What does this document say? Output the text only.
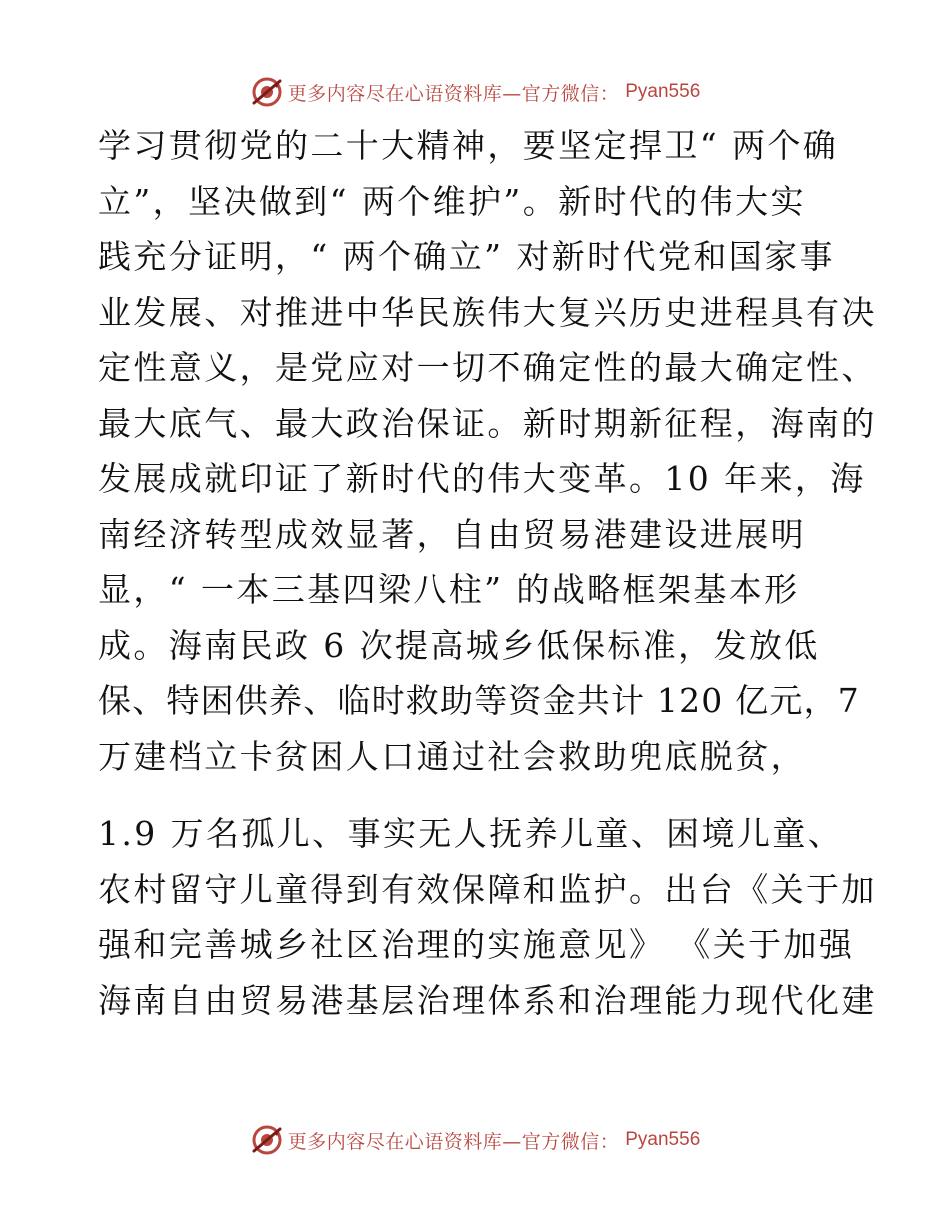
更多内容尽在心语资料库—官方微信： Pyan556
学习贯彻党的二十大精神，要坚定捍卫“ 两个确
立”，坚决做到“ 两个维护”。新时代的伟大实
践充分证明，“ 两个确立” 对新时代党和国家事
业发展、对推进中华民族伟大复兴历史进程具有决
定性意义，是党应对一切不确定性的最大确定性、
最大底气、最大政治保证。新时期新征程，海南的
发展成就印证了新时代的伟大变革。10 年来，海
南经济转型成效显著，自由贸易港建设进展明
显，“ 一本三基四梁八柱” 的战略框架基本形
成。海南民政 6 次提高城乡低保标准，发放低
保、特困供养、临时救助等资金共计 120 亿元，7
万建档立卡贫困人口通过社会救助兜底脱贫，
1.9 万名孤儿、事实无人抚养儿童、困境儿童、
农村留守儿童得到有效保障和监护。出台《关于加
强和完善城乡社区治理的实施意见》 《关于加强
海南自由贸易港基层治理体系和治理能力现代化建
更多内容尽在心语资料库—官方微信： Pyan556
